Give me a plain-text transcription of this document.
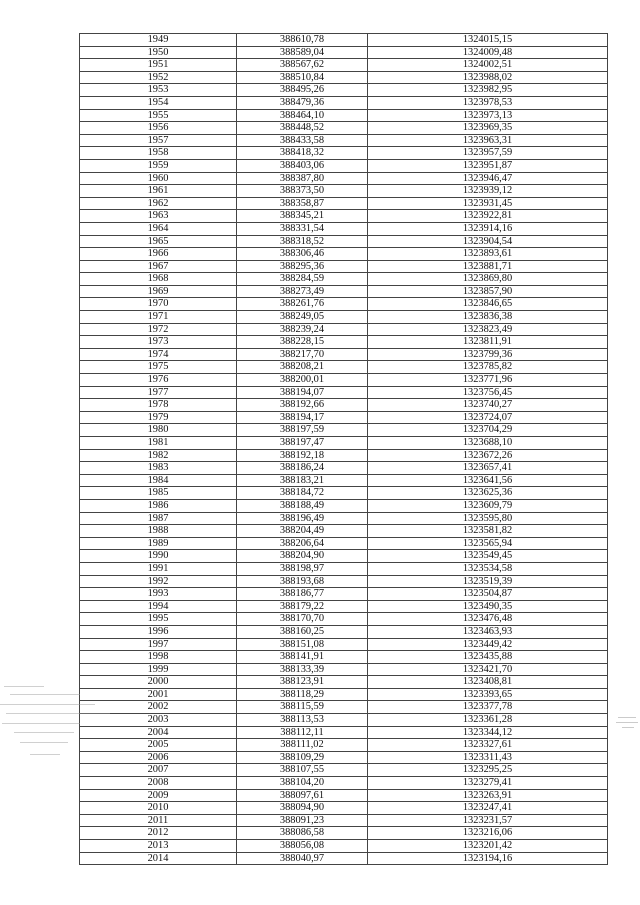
1949	388610,78	1324015,15
1950	388589,04	1324009,48
1951	388567,62	1324002,51
1952	388510,84	1323988,02
1953	388495,26	1323982,95
1954	388479,36	1323978,53
1955	388464,10	1323973,13
1956	388448,52	1323969,35
1957	388433,58	1323963,31
1958	388418,32	1323957,59
1959	388403,06	1323951,87
1960	388387,80	1323946,47
1961	388373,50	1323939,12
1962	388358,87	1323931,45
1963	388345,21	1323922,81
1964	388331,54	1323914,16
1965	388318,52	1323904,54
1966	388306,46	1323893,61
1967	388295,36	1323881,71
1968	388284,59	1323869,80
1969	388273,49	1323857,90
1970	388261,76	1323846,65
1971	388249,05	1323836,38
1972	388239,24	1323823,49
1973	388228,15	1323811,91
1974	388217,70	1323799,36
1975	388208,21	1323785,82
1976	388200,01	1323771,96
1977	388194,07	1323756,45
1978	388192,66	1323740,27
1979	388194,17	1323724,07
1980	388197,59	1323704,29
1981	388197,47	1323688,10
1982	388192,18	1323672,26
1983	388186,24	1323657,41
1984	388183,21	1323641,56
1985	388184,72	1323625,36
1986	388188,49	1323609,79
1987	388196,49	1323595,80
1988	388204,49	1323581,82
1989	388206,64	1323565,94
1990	388204,90	1323549,45
1991	388198,97	1323534,58
1992	388193,68	1323519,39
1993	388186,77	1323504,87
1994	388179,22	1323490,35
1995	388170,70	1323476,48
1996	388160,25	1323463,93
1997	388151,08	1323449,42
1998	388141,91	1323435,88
1999	388133,39	1323421,70
2000	388123,91	1323408,81
2001	388118,29	1323393,65
2002	388115,59	1323377,78
2003	388113,53	1323361,28
2004	388112,11	1323344,12
2005	388111,02	1323327,61
2006	388109,29	1323311,43
2007	388107,55	1323295,25
2008	388104,20	1323279,41
2009	388097,61	1323263,91
2010	388094,90	1323247,41
2011	388091,23	1323231,57
2012	388086,58	1323216,06
2013	388056,08	1323201,42
2014	388040,97	1323194,16
